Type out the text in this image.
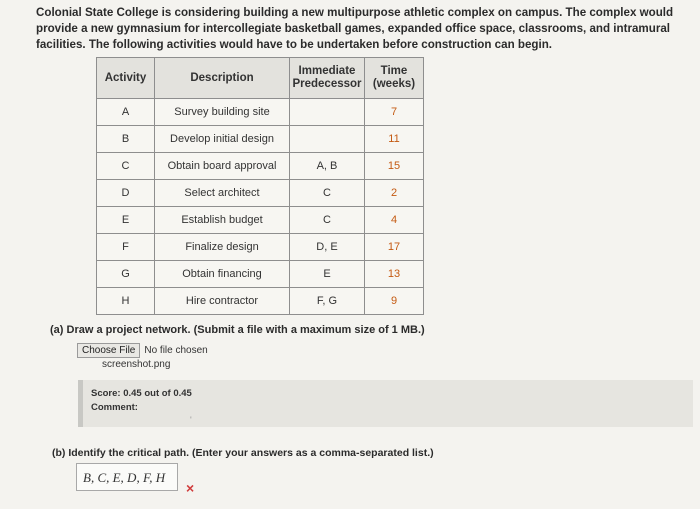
Colonial State College is considering building a new multipurpose athletic complex on campus. The complex would provide a new gymnasium for intercollegiate basketball games, expanded office space, classrooms, and intramural facilities. The following activities would have to be undertaken before construction can begin.

Activity	Description	Immediate Predecessor	Time (weeks)
A	Survey building site		7
B	Develop initial design		11
C	Obtain board approval	A, B	15
D	Select architect	C	2
E	Establish budget	C	4
F	Finalize design	D, E	17
G	Obtain financing	E	13
H	Hire contractor	F, G	9
(a) Draw a project network. (Submit a file with a maximum size of 1 MB.)
Choose File No file chosen
screenshot.png
Score: 0.45 out of 0.45
Comment:
'
(b) Identify the critical path. (Enter your answers as a comma-separated list.)
B, C, E, D, F, H
×
